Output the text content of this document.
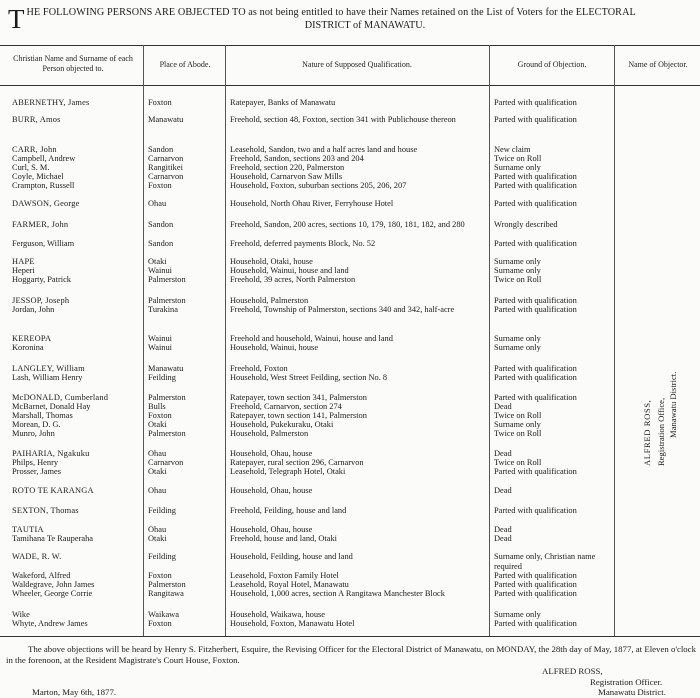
T HE FOLLOWING PERSONS ARE OBJECTED TO as not being entitled to have their Names retained on the List of Voters for the ELECTORAL
DISTRICT of MANAWATU.
Christian Name and Surname of each Person objected to.	Place of Abode.	Nature of Supposed Qualification.	Ground of Objection.	Name of Objector.
ABERNETHY, James	Foxton	Ratepayer, Banks of Manawatu	Parted with qualification
BURR, Amos	Manawatu	Freehold, section 48, Foxton, section 341 with Publichouse thereon	Parted with qualification
CARR, John	Sandon	Leasehold, Sandon, two and a half acres land and house	New claim
Campbell, Andrew	Carnarvon	Freehold, Sandon, sections 203 and 204	Twice on Roll
Curl, S. M.	Rangitikei	Freehold, section 220, Palmerston	Surname only
Coyle, Michael	Carnarvon	Household, Carnarvon Saw Mills	Parted with qualification
Crampton, Russell	Foxton	Household, Foxton, suburban sections 205, 206, 207	Parted with qualification
DAWSON, George	Ohau	Household, North Ohau River, Ferryhouse Hotel	Parted with qualification
FARMER, John	Sandon	Freehold, Sandon, 200 acres, sections 10, 179, 180, 181, 182, and 280	Wrongly described
Ferguson, William	Sandon	Freehold, deferred payments Block, No. 52	Parted with qualification
HAPE	Otaki	Household, Otaki, house	Surname only
Heperi	Wainui	Household, Wainui, house and land	Surname only
Hoggarty, Patrick	Palmerston	Freehold, 39 acres, North Palmerston	Twice on Roll
JESSOP, Joseph	Palmerston	Household, Palmerston	Parted with qualification
Jordan, John	Turakina	Freehold, Township of Palmerston, sections 340 and 342, half-acre	Parted with qualification
KEREOPA	Wainui	Freehold and household, Wainui, house and land	Surname only
Koronina	Wainui	Household, Wainui, house	Surname only
LANGLEY, William	Manawatu	Freehold, Foxton	Parted with qualification
Lash, William Henry	Feilding	Household, West Street Feilding, section No. 8	Parted with qualification
McDONALD, Cumberland	Palmerston	Ratepayer, town section 341, Palmerston	Parted with qualification
McBarnet, Donald Hay	Bulls	Freehold, Carnarvon, section 274	Dead
Marshall, Thomas	Foxton	Ratepayer, town section 141, Palmerston	Twice on Roll
Morean, D. G.	Otaki	Household, Pukekuraku, Otaki	Surname only
Munro, John	Palmerston	Household, Palmerston	Twice on Roll
PAIHARIA, Ngakuku	Ohau	Household, Ohau, house	Dead
Philps, Henry	Carnarvon	Ratepayer, rural section 296, Carnarvon	Twice on Roll
Prosser, James	Otaki	Leasehold, Telegraph Hotel, Otaki	Parted with qualification
ROTO TE KARANGA	Ohau	Household, Ohau, house	Dead
SEXTON, Thomas	Feilding	Freehold, Feilding, house and land	Parted with qualification
TAUTIA	Ohau	Household, Ohau, house	Dead
Tamihana Te Rauperaha	Otaki	Freehold, house and land, Otaki	Dead
WADE, R. W.	Feilding	Household, Feilding, house and land	Surname only, Christian name required
Wakeford, Alfred	Foxton	Leasehold, Foxton Family Hotel	Parted with qualification
Waldegrave, John James	Palmerston	Leasehold, Royal Hotel, Manawatu	Parted with qualification
Wheeler, George Corrie	Rangitawa	Household, 1,000 acres, section A Rangitawa Manchester Block	Parted with qualification
Wike	Waikawa	Household, Waikawa, house	Surname only
Whyte, Andrew James	Foxton	Household, Foxton, Manawatu Hotel	Parted with qualification
ALFRED ROSS, Registration Office, Manawatu District.
The above objections will be heard by Henry S. Fitzherbert, Esquire, the Revising Officer for the Electoral District of Manawatu, on MONDAY, the 28th day of May, 1877, at Eleven o'clock in the forenoon, at the Resident Magistrate's Court House, Foxton.
ALFRED ROSS,
Registration Officer.
Marton, May 6th, 1877.	Manawatu District.
